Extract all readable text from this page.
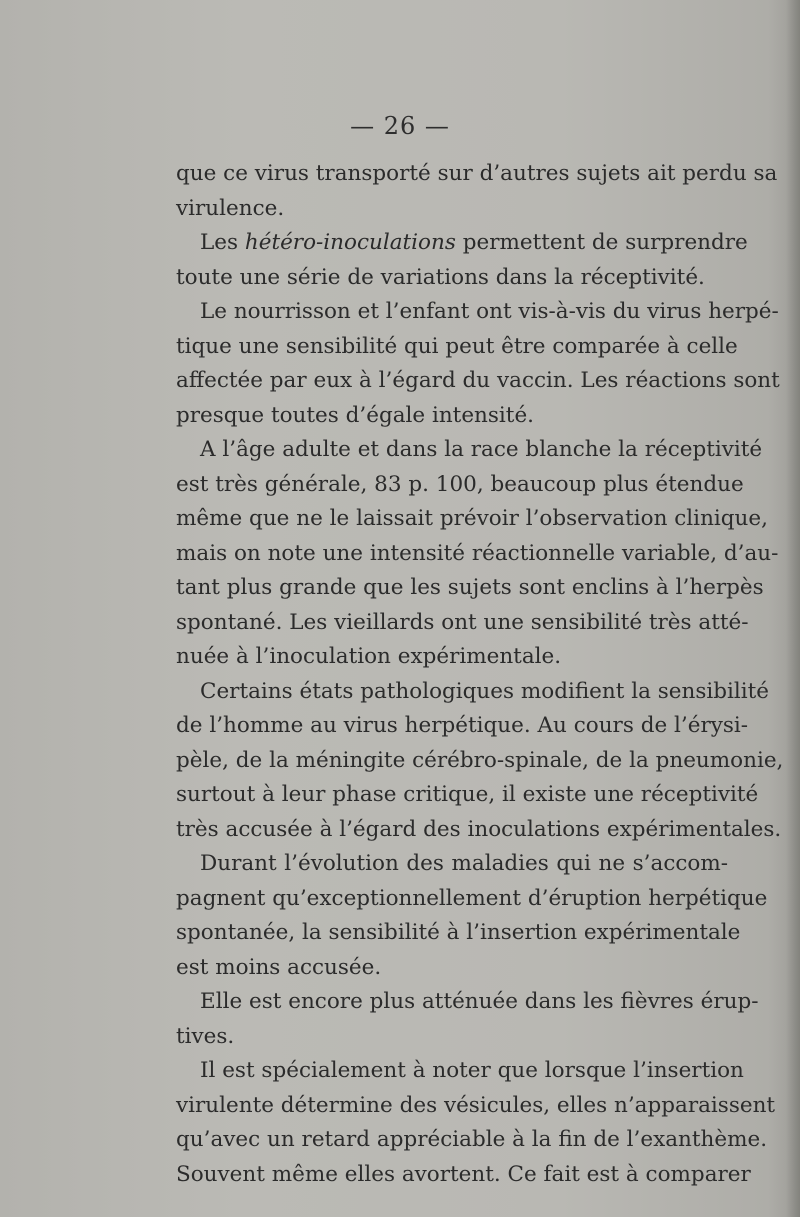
— 26 —

que ce virus transporté sur d’autres sujets ait perdu sa

virulence.

Les hétéro-inoculations permettent de surprendre

toute une série de variations dans la réceptivité.

Le nourrisson et l’enfant ont vis-à-vis du virus herpé-

tique une sensibilité qui peut être comparée à celle

affectée par eux à l’égard du vaccin. Les réactions sont

presque toutes d’égale intensité.

A l’âge adulte et dans la race blanche la réceptivité

est très générale, 83 p. 100, beaucoup plus étendue

même que ne le laissait prévoir l’observation clinique,

mais on note une intensité réactionnelle variable, d’au-

tant plus grande que les sujets sont enclins à l’herpès

spontané. Les vieillards ont une sensibilité très atté-

nuée à l’inoculation expérimentale.

Certains états pathologiques modifient la sensibilité

de l’homme au virus herpétique. Au cours de l’érysi-

pèle, de la méningite cérébro-spinale, de la pneumonie,

surtout à leur phase critique, il existe une réceptivité

très accusée à l’égard des inoculations expérimentales.

Durant l’évolution des maladies qui ne s’accom-

pagnent qu’exceptionnellement d’éruption herpétique

spontanée, la sensibilité à l’insertion expérimentale

est moins accusée.

Elle est encore plus atténuée dans les fièvres érup-

tives.

Il est spécialement à noter que lorsque l’insertion

virulente détermine des vésicules, elles n’apparaissent

qu’avec un retard appréciable à la fin de l’exanthème.

Souvent même elles avortent. Ce fait est à comparer
